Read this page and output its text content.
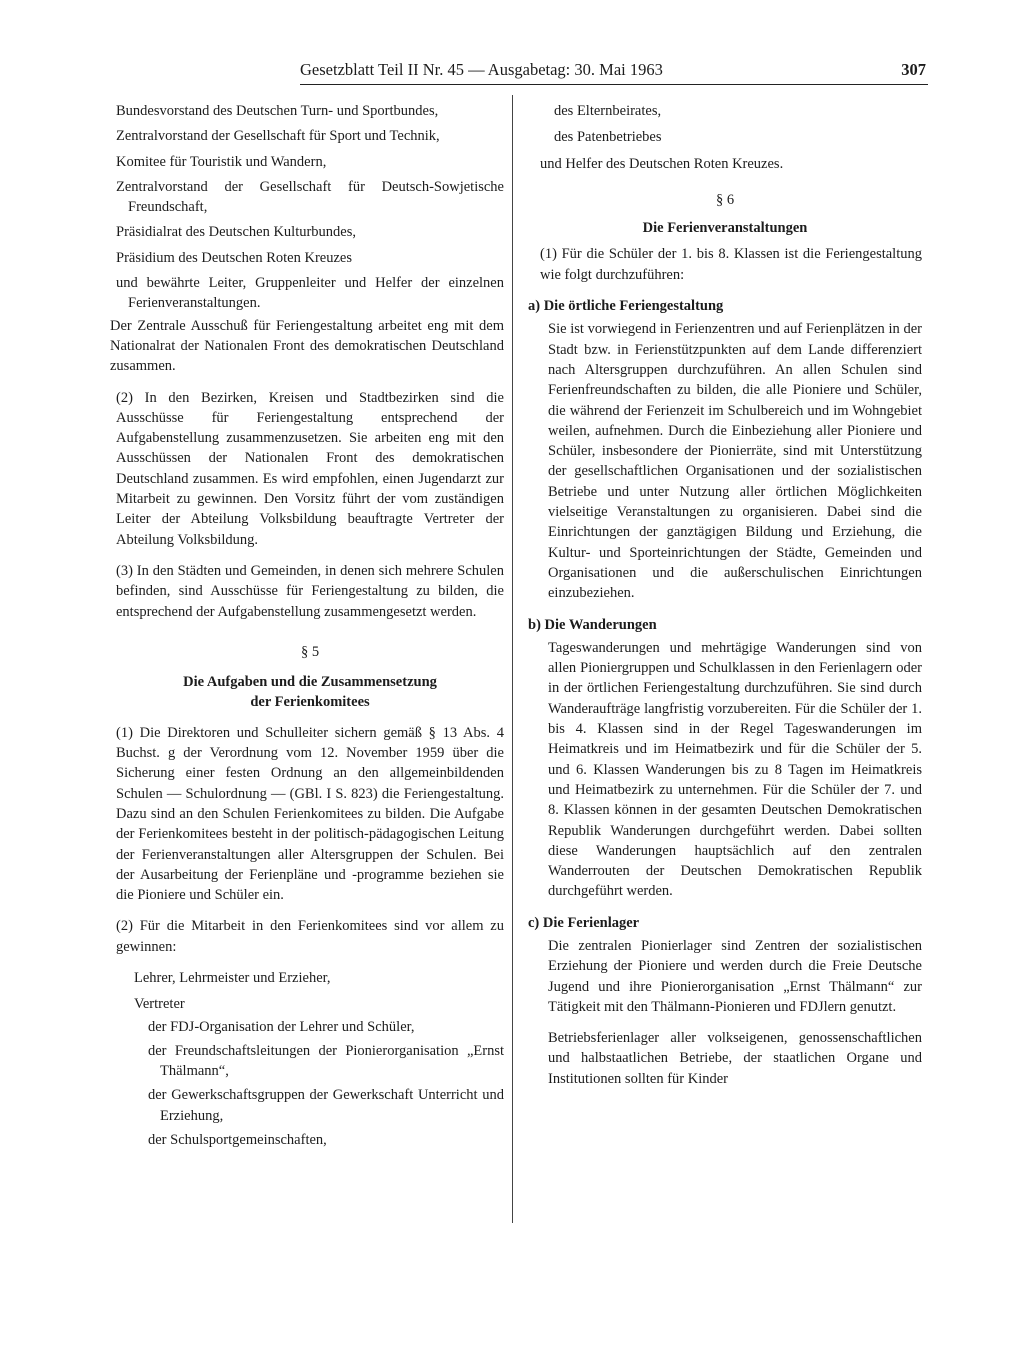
Gesetzblatt Teil II Nr. 45 — Ausgabetag: 30. Mai 1963	307

Bundesvorstand des Deutschen Turn- und Sportbundes,

Zentralvorstand der Gesellschaft für Sport und Technik,

Komitee für Touristik und Wandern,

Zentralvorstand der Gesellschaft für Deutsch-Sowjetische Freundschaft,

Präsidialrat des Deutschen Kulturbundes,

Präsidium des Deutschen Roten Kreuzes

und bewährte Leiter, Gruppenleiter und Helfer der einzelnen Ferienveranstaltungen.

Der Zentrale Ausschuß für Feriengestaltung arbeitet eng mit dem Nationalrat der Nationalen Front des demokratischen Deutschland zusammen.

(2) In den Bezirken, Kreisen und Stadtbezirken sind die Ausschüsse für Feriengestaltung entsprechend der Aufgabenstellung zusammenzusetzen. Sie arbeiten eng mit den Ausschüssen der Nationalen Front des demokratischen Deutschland zusammen. Es wird empfohlen, einen Jugendarzt zur Mitarbeit zu gewinnen. Den Vorsitz führt der vom zuständigen Leiter der Abteilung Volksbildung beauftragte Vertreter der Abteilung Volksbildung.

(3) In den Städten und Gemeinden, in denen sich mehrere Schulen befinden, sind Ausschüsse für Feriengestaltung zu bilden, die entsprechend der Aufgabenstellung zusammengesetzt werden.

§ 5

Die Aufgaben und die Zusammensetzung

der Ferienkomitees

(1) Die Direktoren und Schulleiter sichern gemäß § 13 Abs. 4 Buchst. g der Verordnung vom 12. November 1959 über die Sicherung einer festen Ordnung an den allgemeinbildenden Schulen — Schulordnung — (GBl. I S. 823) die Feriengestaltung. Dazu sind an den Schulen Ferienkomitees zu bilden. Die Aufgabe der Ferienkomitees besteht in der politisch-pädagogischen Leitung der Ferienveranstaltungen aller Altersgruppen der Schulen. Bei der Ausarbeitung der Ferienpläne und -programme beziehen sie die Pioniere und Schüler ein.

(2) Für die Mitarbeit in den Ferienkomitees sind vor allem zu gewinnen:

Lehrer, Lehrmeister und Erzieher,

Vertreter

der FDJ-Organisation der Lehrer und Schüler,

der Freundschaftsleitungen der Pionierorganisation „Ernst Thälmann“,

der Gewerkschaftsgruppen der Gewerkschaft Unterricht und Erziehung,

der Schulsportgemeinschaften,

des Elternbeirates,

des Patenbetriebes

und Helfer des Deutschen Roten Kreuzes.

§ 6

Die Ferienveranstaltungen

(1) Für die Schüler der 1. bis 8. Klassen ist die Feriengestaltung wie folgt durchzuführen:

a) Die örtliche Feriengestaltung

Sie ist vorwiegend in Ferienzentren und auf Ferienplätzen in der Stadt bzw. in Ferienstützpunkten auf dem Lande differenziert nach Altersgruppen durchzuführen. An allen Schulen sind Ferienfreundschaften zu bilden, die alle Pioniere und Schüler, die während der Ferienzeit im Schulbereich und im Wohngebiet weilen, aufnehmen. Durch die Einbeziehung aller Pioniere und Schüler, insbesondere der Pionierräte, sind mit Unterstützung der gesellschaftlichen Organisationen und der sozialistischen Betriebe und unter Nutzung aller örtlichen Möglichkeiten vielseitige Veranstaltungen zu organisieren. Dabei sind die Einrichtungen der ganztägigen Bildung und Erziehung, die Kultur- und Sporteinrichtungen der Städte, Gemeinden und Organisationen und die außerschulischen Einrichtungen einzubeziehen.

b) Die Wanderungen

Tageswanderungen und mehrtägige Wanderungen sind von allen Pioniergruppen und Schulklassen in den Ferienlagern oder in der örtlichen Feriengestaltung durchzuführen. Sie sind durch Wanderaufträge langfristig vorzubereiten. Für die Schüler der 1. bis 4. Klassen sind in der Regel Tageswanderungen im Heimatkreis und im Heimatbezirk und für die Schüler der 5. und 6. Klassen Wanderungen bis zu 8 Tagen im Heimatkreis und Heimatbezirk zu unternehmen. Für die Schüler der 7. und 8. Klassen können in der gesamten Deutschen Demokratischen Republik Wanderungen durchgeführt werden. Dabei sollten diese Wanderungen hauptsächlich auf den zentralen Wanderrouten der Deutschen Demokratischen Republik durchgeführt werden.

c) Die Ferienlager

Die zentralen Pionierlager sind Zentren der sozialistischen Erziehung der Pioniere und werden durch die Freie Deutsche Jugend und ihre Pionierorganisation „Ernst Thälmann“ zur Tätigkeit mit den Thälmann-Pionieren und FDJlern genutzt.

Betriebsferienlager aller volkseigenen, genossenschaftlichen und halbstaatlichen Betriebe, der staatlichen Organe und Institutionen sollten für Kinder
